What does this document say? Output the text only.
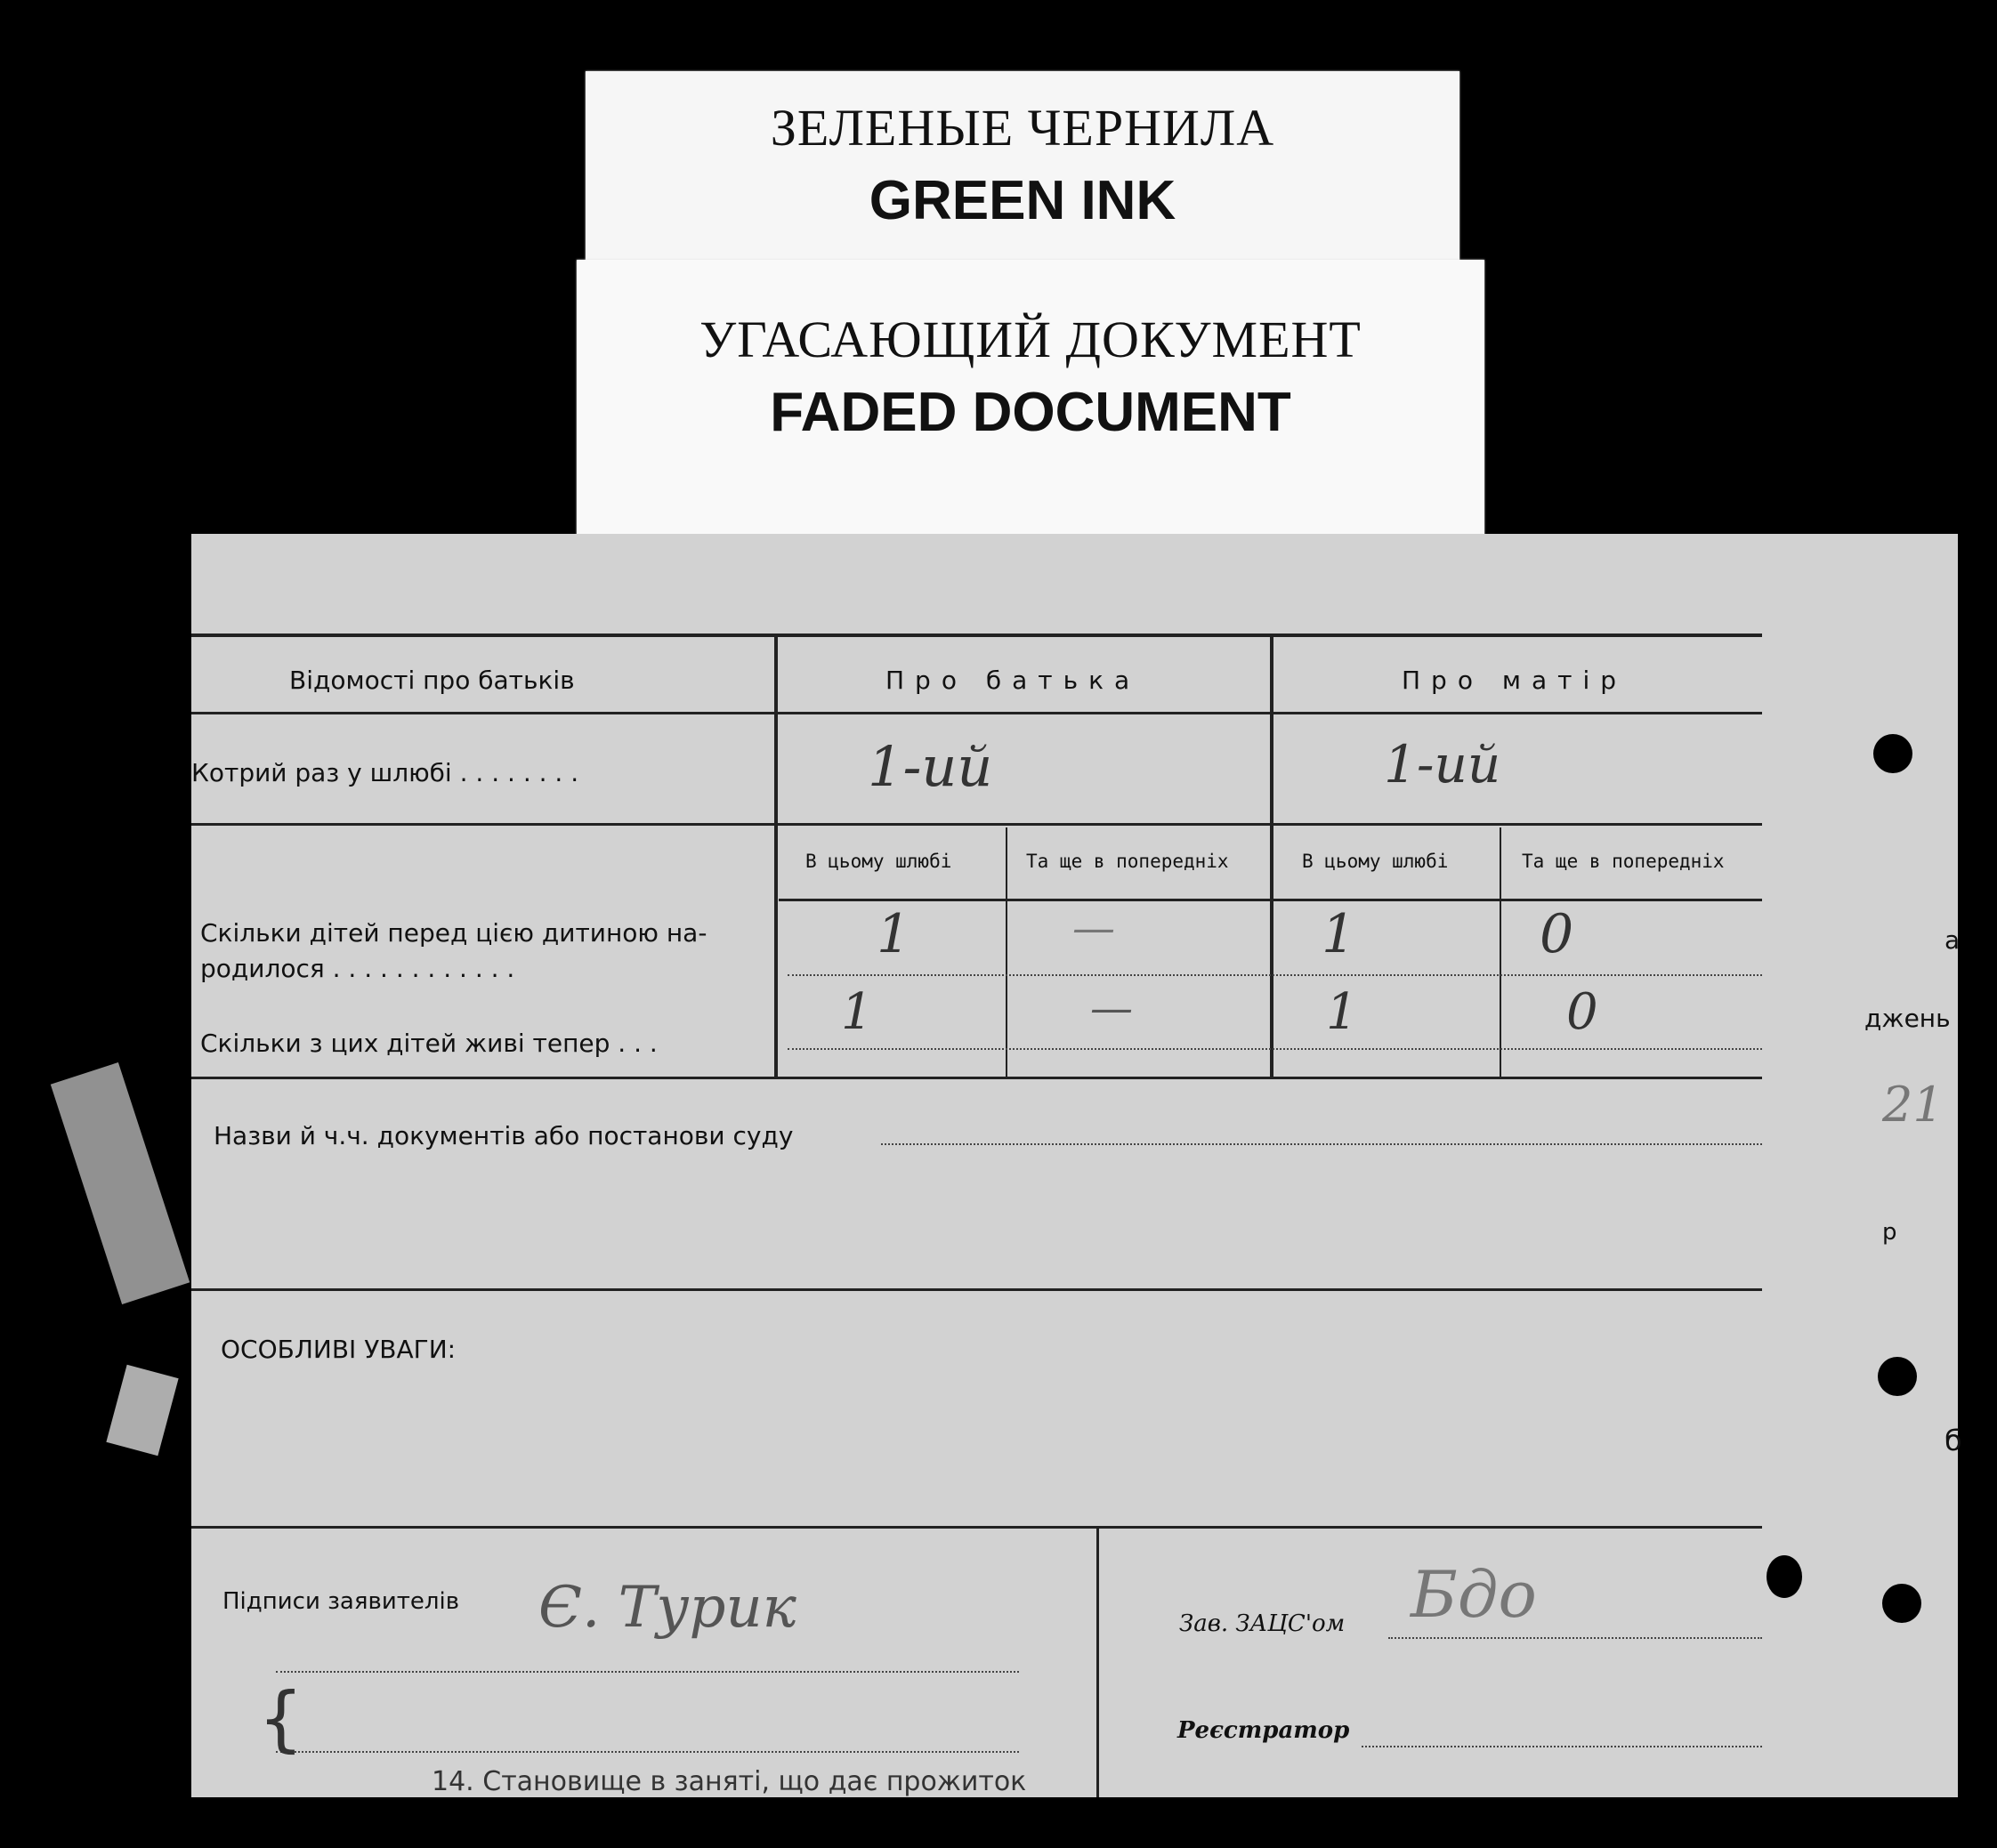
ЗЕЛЕНЫЕ ЧЕРНИЛА
GREEN INK
УГАСАЮЩИЙ ДОКУМЕНТ
FADED DOCUMENT
Відомості про батьків	Про батька	Про матір
Котрий раз у шлюбі . . . . . . . .	1-ий	1-ий
В цьому шлюбі	Та ще в попередніх	В цьому шлюбі	Та ще в попередніх
Скільки дітей перед цією дитиною на-
родилося . . . . . . . . . . . .
1	—	1	0
Скільки з цих дітей живі тепер . . .
1	—	1	0
Назви й ч.ч. документів або постанови суду
ОСОБЛИВІ УВАГИ:
Підписи заявителів Є. Турик
{
Зав. ЗАЦС'ом Бдо
Реєстратор
14. Становище в заняті, що дає прожиток
а
джень
21
р
б
